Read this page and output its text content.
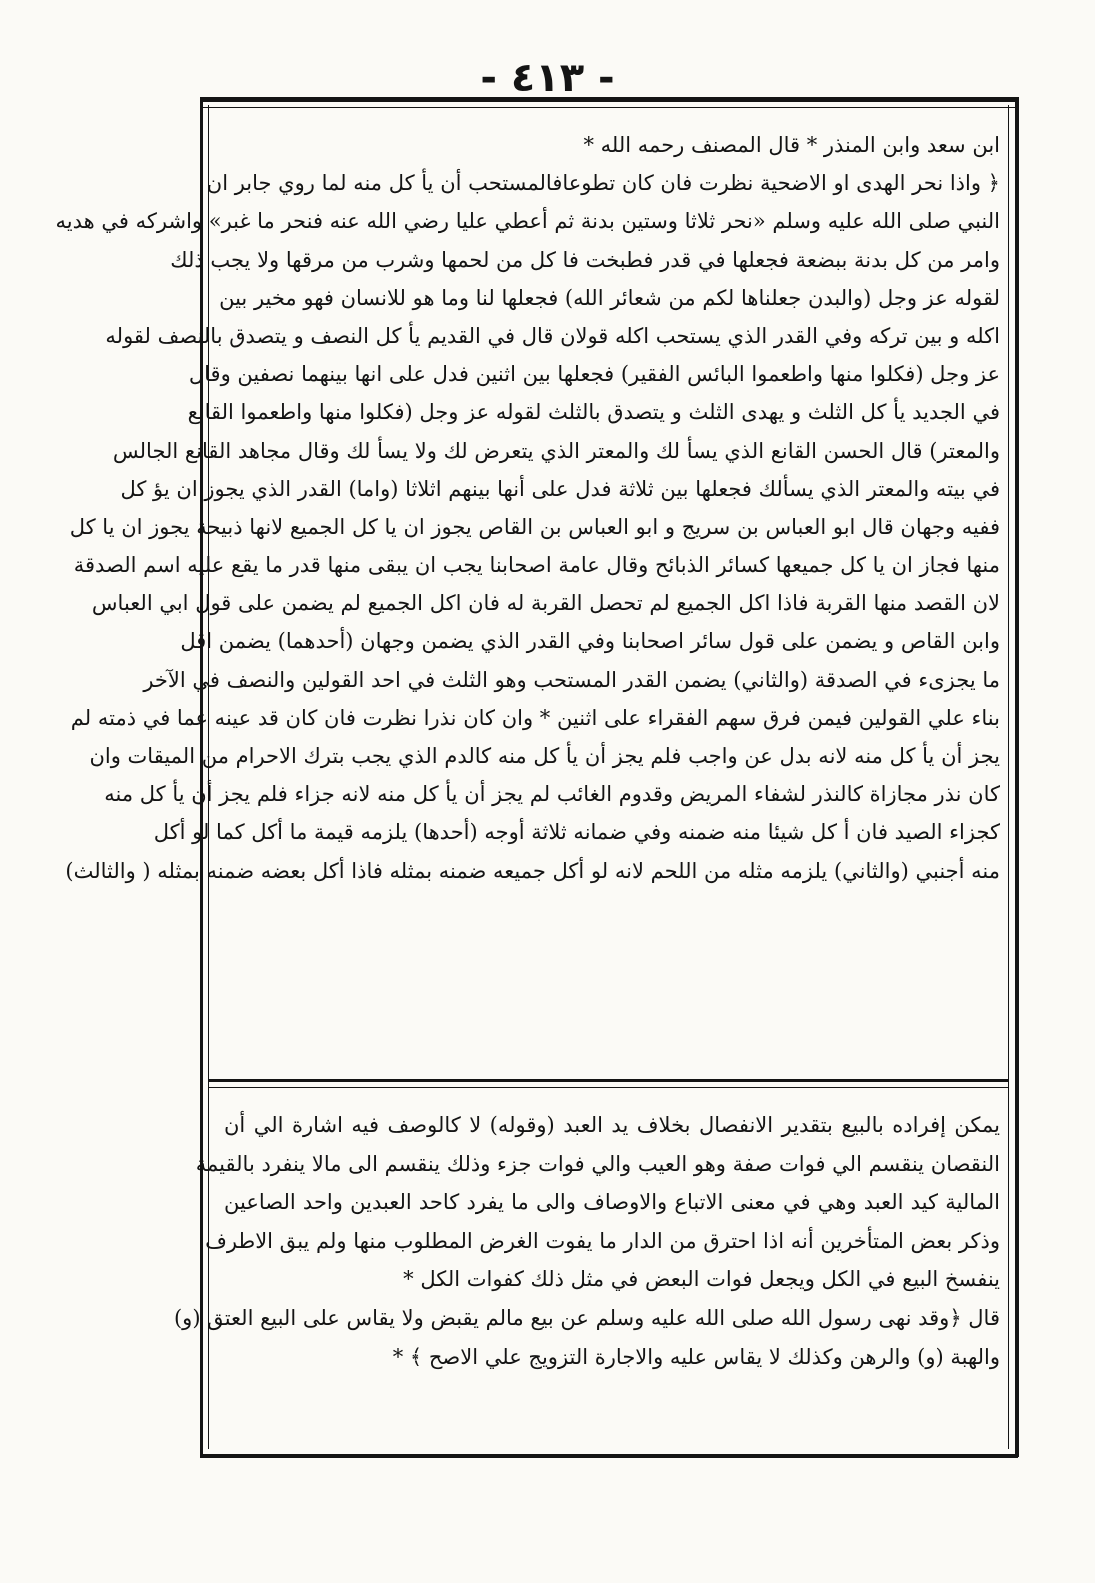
- ٤١٣ -
ابن سعد وابن المنذر * قال المصنف رحمه الله *
﴿ واذا نحر الهدى او الاضحية نظرت فان كان تطوعافالمستحب أن يأ كل منه لما روي جابر ان
النبي صلى الله عليه وسلم «نحر ثلاثا وستين بدنة ثم أعطي عليا رضي الله عنه فنحر ما غبر» واشركه في هديه
وامر من كل بدنة ببضعة فجعلها في قدر فطبخت فا كل من لحمها وشرب من مرقها ولا يجب ذلك
لقوله عز وجل (والبدن جعلناها لكم من شعائر الله) فجعلها لنا وما هو للانسان فهو مخير بين
اكله و بين تركه وفي القدر الذي يستحب اكله قولان قال في القديم يأ كل النصف و يتصدق بالنصف لقوله
عز وجل (فكلوا منها واطعموا البائس الفقير) فجعلها بين اثنين فدل على انها بينهما نصفين وقال
في الجديد يأ كل الثلث و يهدى الثلث و يتصدق بالثلث لقوله عز وجل (فكلوا منها واطعموا القانع
والمعتر) قال الحسن القانع الذي يسأ لك والمعتر الذي يتعرض لك ولا يسأ لك وقال مجاهد القانع الجالس
في بيته والمعتر الذي يسألك فجعلها بين ثلاثة فدل على أنها بينهم اثلاثا (واما) القدر الذي يجوز ان يؤ كل
ففيه وجهان قال ابو العباس بن سريج و ابو العباس بن القاص يجوز ان يا كل الجميع لانها ذبيحة يجوز ان يا كل
منها فجاز ان يا كل جميعها كسائر الذبائح وقال عامة اصحابنا يجب ان يبقى منها قدر ما يقع عليه اسم الصدقة
لان القصد منها القربة فاذا اكل الجميع لم تحصل القربة له فان اكل الجميع لم يضمن على قول ابي العباس
وابن القاص و يضمن على قول سائر اصحابنا وفي القدر الذي يضمن وجهان (أحدهما) يضمن اقل
ما يجزىء في الصدقة (والثاني) يضمن القدر المستحب وهو الثلث في احد القولين والنصف في الآخر
بناء علي القولين فيمن فرق سهم الفقراء على اثنين * وان كان نذرا نظرت فان كان قد عينه عما في ذمته لم
يجز أن يأ كل منه لانه بدل عن واجب فلم يجز أن يأ كل منه كالدم الذي يجب بترك الاحرام من الميقات وان
كان نذر مجازاة كالنذر لشفاء المريض وقدوم الغائب لم يجز أن يأ كل منه لانه جزاء فلم يجز أن يأ كل منه
كجزاء الصيد فان أ كل شيئا منه ضمنه وفي ضمانه ثلاثة أوجه (أحدها) يلزمه قيمة ما أكل كما لو أكل
منه أجنبي (والثاني) يلزمه مثله من اللحم لانه لو أكل جميعه ضمنه بمثله فاذا أكل بعضه ضمنه بمثله ( والثالث)
يمكن إفراده بالبيع بتقدير الانفصال بخلاف يد العبد (وقوله) لا كالوصف فيه اشارة الي أن
النقصان ينقسم الي فوات صفة وهو العيب والي فوات جزء وذلك ينقسم الى مالا ينفرد بالقيمة
المالية كيد العبد وهي في معنى الاتباع والاوصاف والى ما يفرد كاحد العبدين واحد الصاعين
وذكر بعض المتأخرين أنه اذا احترق من الدار ما يفوت الغرض المطلوب منها ولم يبق الاطرف
ينفسخ البيع في الكل ويجعل فوات البعض في مثل ذلك كفوات الكل *
قال ﴿وقد نهى رسول الله صلى الله عليه وسلم عن بيع مالم يقبض ولا يقاس على البيع العتق (و)
والهبة (و) والرهن وكذلك لا يقاس عليه والاجارة التزويج علي الاصح ﴾ *
